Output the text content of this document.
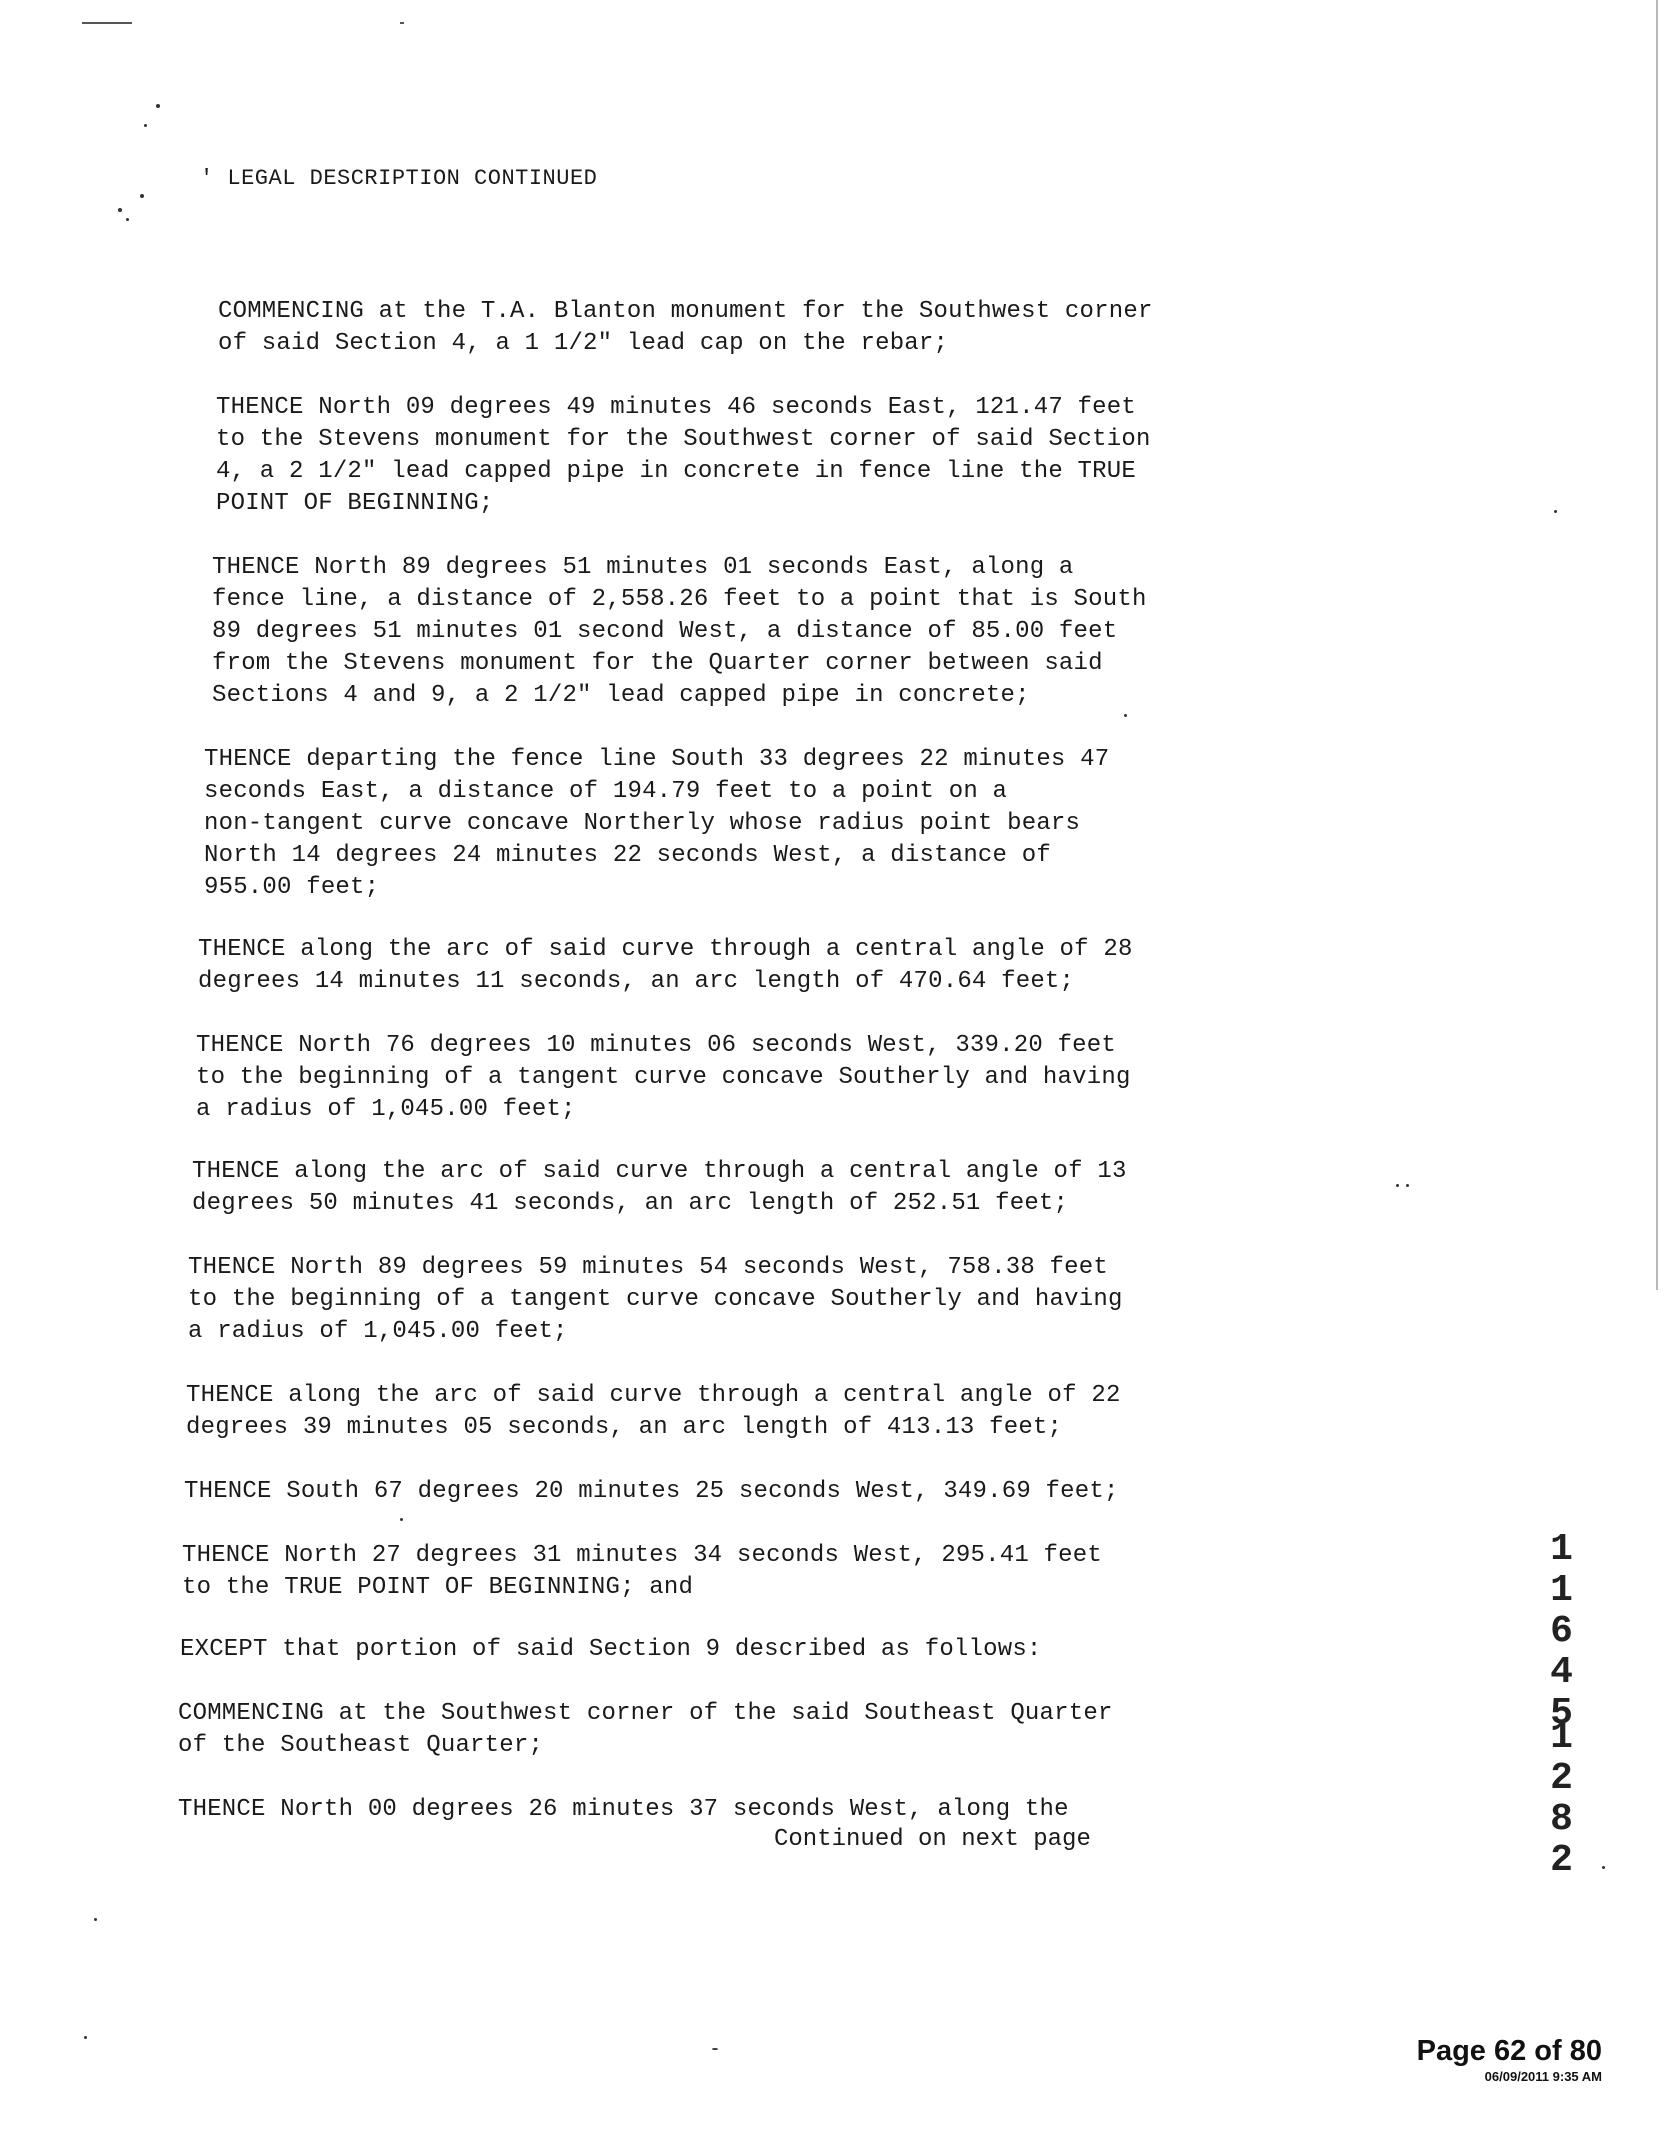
' LEGAL DESCRIPTION CONTINUED

COMMENCING at the T.A. Blanton monument for the Southwest corner
of said Section 4, a 1 1/2" lead cap on the rebar;

THENCE North 09 degrees 49 minutes 46 seconds East, 121.47 feet
to the Stevens monument for the Southwest corner of said Section
4, a 2 1/2" lead capped pipe in concrete in fence line the TRUE
POINT OF BEGINNING;

THENCE North 89 degrees 51 minutes 01 seconds East, along a
fence line, a distance of 2,558.26 feet to a point that is South
89 degrees 51 minutes 01 second West, a distance of 85.00 feet
from the Stevens monument for the Quarter corner between said
Sections 4 and 9, a 2 1/2" lead capped pipe in concrete;

THENCE departing the fence line South 33 degrees 22 minutes 47
seconds East, a distance of 194.79 feet to a point on a
non-tangent curve concave Northerly whose radius point bears
North 14 degrees 24 minutes 22 seconds West, a distance of
955.00 feet;

THENCE along the arc of said curve through a central angle of 28
degrees 14 minutes 11 seconds, an arc length of 470.64 feet;

THENCE North 76 degrees 10 minutes 06 seconds West, 339.20 feet
to the beginning of a tangent curve concave Southerly and having
a radius of 1,045.00 feet;

THENCE along the arc of said curve through a central angle of 13
degrees 50 minutes 41 seconds, an arc length of 252.51 feet;

THENCE North 89 degrees 59 minutes 54 seconds West, 758.38 feet
to the beginning of a tangent curve concave Southerly and having
a radius of 1,045.00 feet;

THENCE along the arc of said curve through a central angle of 22
degrees 39 minutes 05 seconds, an arc length of 413.13 feet;

THENCE South 67 degrees 20 minutes 25 seconds West, 349.69 feet;

THENCE North 27 degrees 31 minutes 34 seconds West, 295.41 feet
to the TRUE POINT OF BEGINNING; and

EXCEPT that portion of said Section 9 described as follows:

COMMENCING at the Southwest corner of the said Southeast Quarter
of the Southeast Quarter;

THENCE North 00 degrees 26 minutes 37 seconds West, along the

Continued on next page
11645
1282
Page 62 of 80
06/09/2011 9:35 AM
